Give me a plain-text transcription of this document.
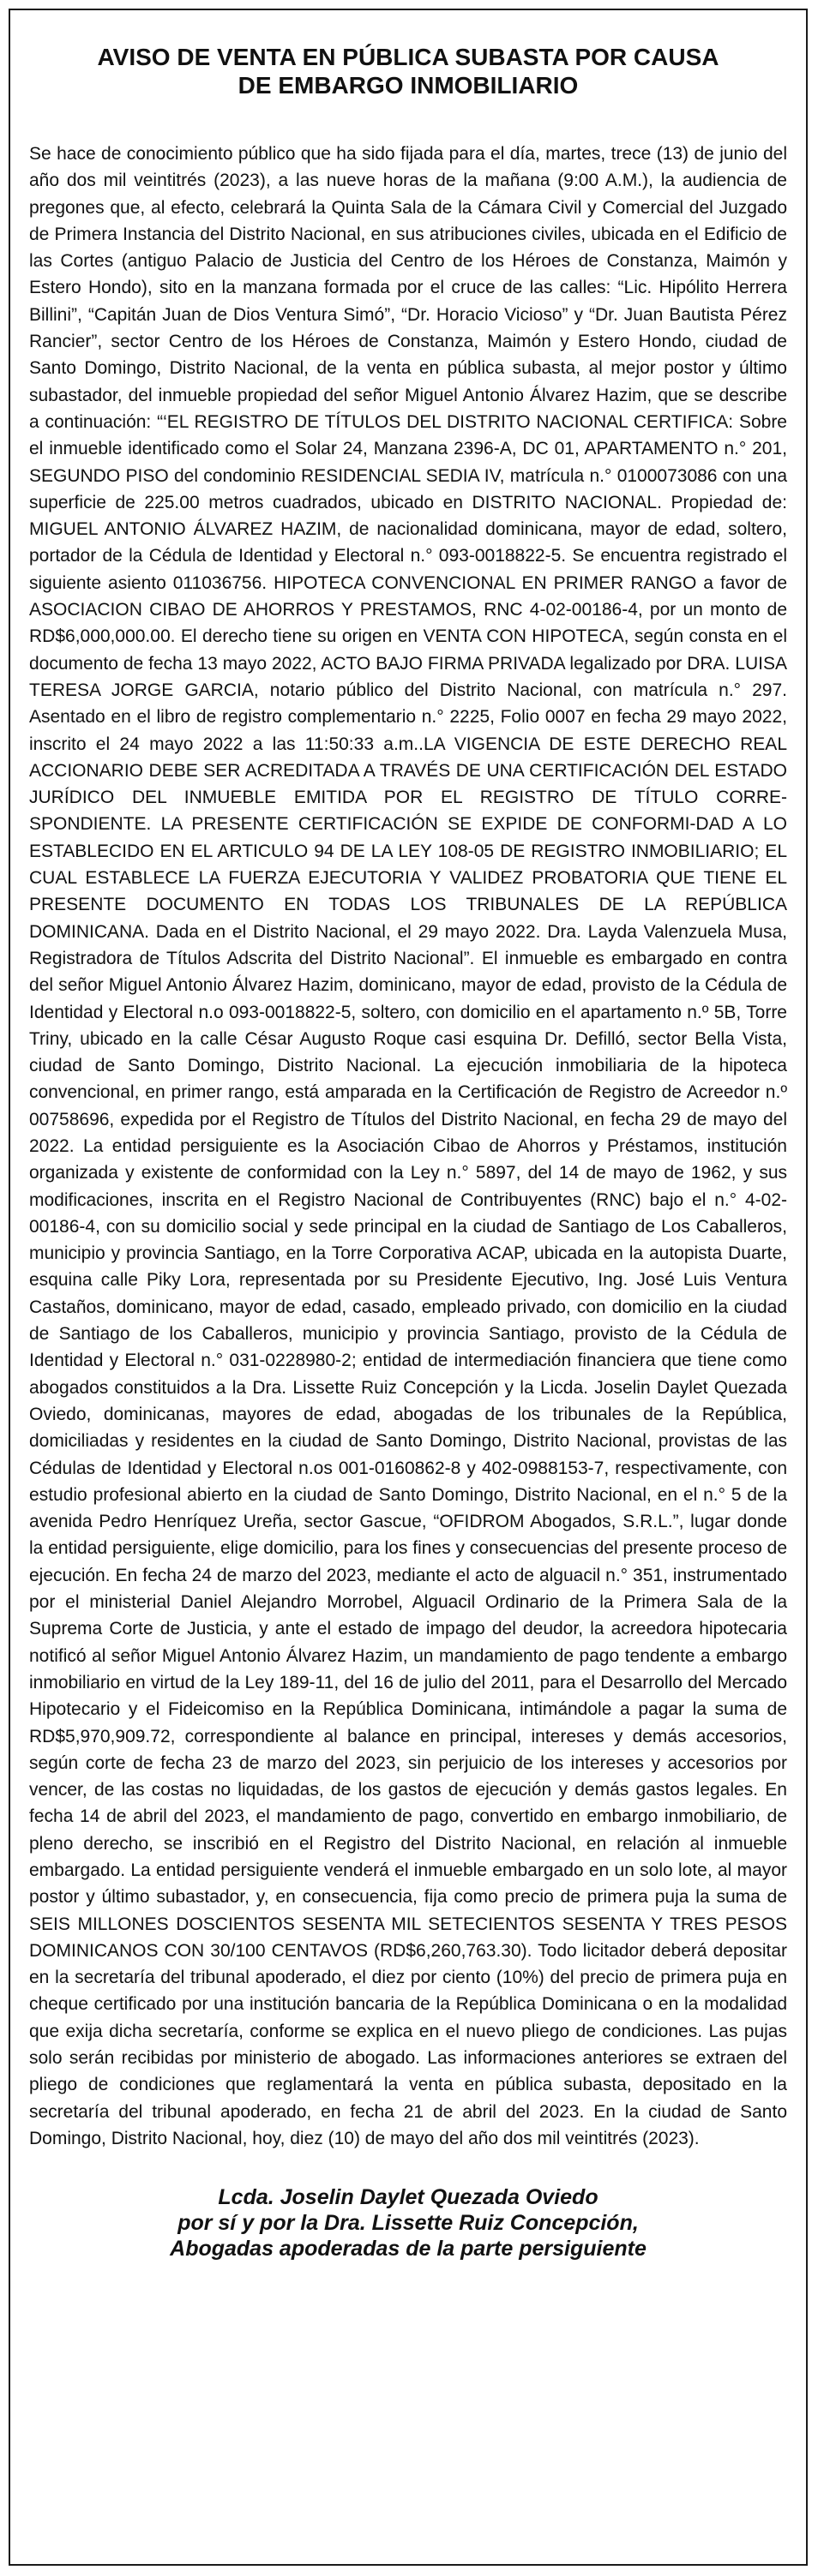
AVISO DE VENTA EN PÚBLICA SUBASTA POR CAUSA
DE EMBARGO INMOBILIARIO

Se hace de conocimiento público que ha sido fijada para el día, martes, trece (13) de junio del año dos mil veintitrés (2023), a las nueve horas de la mañana (9:00 A.M.), la audiencia de pregones que, al efecto, celebrará la Quinta Sala de la Cámara Civil y Comercial del Juzgado de Primera Instancia del Distrito Nacional, en sus atribuciones civiles, ubicada en el Edificio de las Cortes (antiguo Palacio de Justicia del Centro de los Héroes de Constanza, Maimón y Estero Hondo), sito en la manzana formada por el cruce de las calles: “Lic. Hipólito Herrera Billini”, “Capitán Juan de Dios Ventura Simó”, “Dr. Horacio Vicioso” y “Dr. Juan Bautista Pérez Rancier”, sector Centro de los Héroes de Constanza, Maimón y Estero Hondo, ciudad de Santo Domingo, Distrito Nacional, de la venta en pública subasta, al mejor postor y último subastador, del inmueble propiedad del señor Miguel Antonio Álvarez Hazim, que se describe a continuación: “‘EL REGISTRO DE TÍTULOS DEL DISTRITO NACIONAL CERTIFICA: Sobre el inmueble identificado como el Solar 24, Manzana 2396-A, DC 01, APARTAMENTO n.° 201, SEGUNDO PISO del condominio RESIDENCIAL SEDIA IV, matrícula n.° 0100073086 con una superficie de 225.00 metros cuadrados, ubicado en DISTRITO NACIONAL. Propiedad de: MIGUEL ANTONIO ÁLVAREZ HAZIM, de nacionalidad dominicana, mayor de edad, soltero, portador de la Cédula de Identidad y Electoral n.° 093-0018822-5. Se encuentra registrado el siguiente asiento 011036756. HIPOTECA CONVENCIONAL EN PRIMER RANGO a favor de ASOCIACION CIBAO DE AHORROS Y PRESTAMOS, RNC 4-02-00186-4, por un monto de RD$6,000,000.00. El derecho tiene su origen en VENTA CON HIPOTECA, según consta en el documento de fecha 13 mayo 2022, ACTO BAJO FIRMA PRIVADA legalizado por DRA. LUISA TERESA JORGE GARCIA, notario público del Distrito Nacional, con matrícula n.° 297. Asentado en el libro de registro complementario n.° 2225, Folio 0007 en fecha 29 mayo 2022, inscrito el 24 mayo 2022 a las 11:50:33 a.m..LA VIGENCIA DE ESTE DERECHO REAL ACCIONARIO DEBE SER ACREDITADA A TRAVÉS DE UNA CERTIFICACIÓN DEL ESTADO JURÍDICO DEL INMUEBLE EMITIDA POR EL REGISTRO DE TÍTULO CORRE-SPONDIENTE. LA PRESENTE CERTIFICACIÓN SE EXPIDE DE CONFORMI-DAD A LO ESTABLECIDO EN EL ARTICULO 94 DE LA LEY 108-05 DE REGISTRO INMOBILIARIO; EL CUAL ESTABLECE LA FUERZA EJECUTORIA Y VALIDEZ PROBATORIA QUE TIENE EL PRESENTE DOCUMENTO EN TODAS LOS TRIBUNALES DE LA REPÚBLICA DOMINICANA. Dada en el Distrito Nacional, el 29 mayo 2022. Dra. Layda Valenzuela Musa, Registradora de Títulos Adscrita del Distrito Nacional”. El inmueble es embargado en contra del señor Miguel Antonio Álvarez Hazim, dominicano, mayor de edad, provisto de la Cédula de Identidad y Electoral n.o 093-0018822-5, soltero, con domicilio en el apartamento n.º 5B, Torre Triny, ubicado en la calle César Augusto Roque casi esquina Dr. Defilló, sector Bella Vista, ciudad de Santo Domingo, Distrito Nacional. La ejecución inmobiliaria de la hipoteca convencional, en primer rango, está amparada en la Certificación de Registro de Acreedor n.º 00758696, expedida por el Registro de Títulos del Distrito Nacional, en fecha 29 de mayo del 2022. La entidad persiguiente es la Asociación Cibao de Ahorros y Préstamos, institución organizada y existente de conformidad con la Ley n.° 5897, del 14 de mayo de 1962, y sus modificaciones, inscrita en el Registro Nacional de Contribuyentes (RNC) bajo el n.° 4-02-00186-4, con su domicilio social y sede principal en la ciudad de Santiago de Los Caballeros, municipio y provincia Santiago, en la Torre Corporativa ACAP, ubicada en la autopista Duarte, esquina calle Piky Lora, representada por su Presidente Ejecutivo, Ing. José Luis Ventura Castaños, dominicano, mayor de edad, casado, empleado privado, con domicilio en la ciudad de Santiago de los Caballeros, municipio y provincia Santiago, provisto de la Cédula de Identidad y Electoral n.° 031-0228980-2; entidad de intermediación financiera que tiene como abogados constituidos a la Dra. Lissette Ruiz Concepción y la Licda. Joselin Daylet Quezada Oviedo, dominicanas, mayores de edad, abogadas de los tribunales de la República, domiciliadas y residentes en la ciudad de Santo Domingo, Distrito Nacional, provistas de las Cédulas de Identidad y Electoral n.os 001-0160862-8 y 402-0988153-7, respectivamente, con estudio profesional abierto en la ciudad de Santo Domingo, Distrito Nacional, en el n.° 5 de la avenida Pedro Henríquez Ureña, sector Gascue, “OFIDROM Abogados, S.R.L.”, lugar donde la entidad persiguiente, elige domicilio, para los fines y consecuencias del presente proceso de ejecución. En fecha 24 de marzo del 2023, mediante el acto de alguacil n.° 351, instrumentado por el ministerial Daniel Alejandro Morrobel, Alguacil Ordinario de la Primera Sala de la Suprema Corte de Justicia, y ante el estado de impago del deudor, la acreedora hipotecaria notificó al señor Miguel Antonio Álvarez Hazim, un mandamiento de pago tendente a embargo inmobiliario en virtud de la Ley 189-11, del 16 de julio del 2011, para el Desarrollo del Mercado Hipotecario y el Fideicomiso en la República Dominicana, intimándole a pagar la suma de RD$5,970,909.72, correspondiente al balance en principal, intereses y demás accesorios, según corte de fecha 23 de marzo del 2023, sin perjuicio de los intereses y accesorios por vencer, de las costas no liquidadas, de los gastos de ejecución y demás gastos legales. En fecha 14 de abril del 2023, el mandamiento de pago, convertido en embargo inmobiliario, de pleno derecho, se inscribió en el Registro del Distrito Nacional, en relación al inmueble embargado. La entidad persiguiente venderá el inmueble embargado en un solo lote, al mayor postor y último subastador, y, en consecuencia, fija como precio de primera puja la suma de SEIS MILLONES DOSCIENTOS SESENTA MIL SETECIENTOS SESENTA Y TRES PESOS DOMINICANOS CON 30/100 CENTAVOS (RD$6,260,763.30). Todo licitador deberá depositar en la secretaría del tribunal apoderado, el diez por ciento (10%) del precio de primera puja en cheque certificado por una institución bancaria de la República Dominicana o en la modalidad que exija dicha secretaría, conforme se explica en el nuevo pliego de condiciones. Las pujas solo serán recibidas por ministerio de abogado. Las informaciones anteriores se extraen del pliego de condiciones que reglamentará la venta en pública subasta, depositado en la secretaría del tribunal apoderado, en fecha 21 de abril del 2023. En la ciudad de Santo Domingo, Distrito Nacional, hoy, diez (10) de mayo del año dos mil veintitrés (2023).

Lcda. Joselin Daylet Quezada Oviedo
por sí y por la Dra. Lissette Ruiz Concepción,
Abogadas apoderadas de la parte persiguiente
